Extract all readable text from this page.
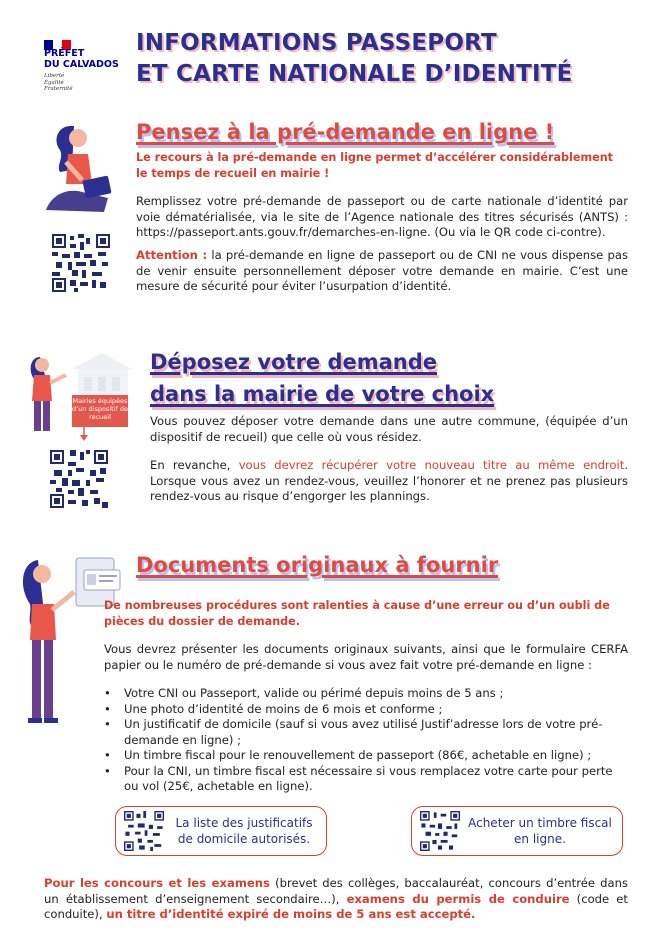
PRÉFET
DU CALVADOS
Liberté
Égalité
Fraternité
INFORMATIONS PASSEPORT
ET CARTE NATIONALE D’IDENTITÉ
Pensez à la pré-demande en ligne !
Le recours à la pré-demande en ligne permet d’accélérer considérablement le temps de recueil en mairie !
Remplissez votre pré-demande de passeport ou de carte nationale d’identité par voie dématérialisée, via le site de l’Agence nationale des titres sécurisés (ANTS) : https://passeport.ants.gouv.fr/demarches-en-ligne. (Ou via le QR code ci-contre).
Attention : la pré-demande en ligne de passeport ou de CNI ne vous dispense pas de venir ensuite personnellement déposer votre demande en mairie. C’est une mesure de sécurité pour éviter l’usurpation d’identité.
Mairies équipées d’un dispositif de recueil
Déposez votre demande
dans la mairie de votre choix
Vous pouvez déposer votre demande dans une autre commune, (équipée d’un dispositif de recueil) que celle où vous résidez.
En revanche, vous devrez récupérer votre nouveau titre au même endroit. Lorsque vous avez un rendez-vous, veuillez l’honorer et ne prenez pas plusieurs rendez-vous au risque d’engorger les plannings.
Documents originaux à fournir
De nombreuses procédures sont ralenties à cause d’une erreur ou d’un oubli de pièces du dossier de demande.
Vous devrez présenter les documents originaux suivants, ainsi que le formulaire CERFA papier ou le numéro de pré-demande si vous avez fait votre pré-demande en ligne :
• Votre CNI ou Passeport, valide ou périmé depuis moins de 5 ans ;
• Une photo d’identité de moins de 6 mois et conforme ;
• Un justificatif de domicile (sauf si vous avez utilisé Justif’adresse lors de votre pré-demande en ligne) ;
• Un timbre fiscal pour le renouvellement de passeport (86€, achetable en ligne) ;
• Pour la CNI, un timbre fiscal est nécessaire si vous remplacez votre carte pour perte ou vol (25€, achetable en ligne).
La liste des justificatifs de domicile autorisés.
Acheter un timbre fiscal en ligne.
Pour les concours et les examens (brevet des collèges, baccalauréat, concours d’entrée dans un établissement d’enseignement secondaire…), examens du permis de conduire (code et conduite), un titre d’identité expiré de moins de 5 ans est accepté.
